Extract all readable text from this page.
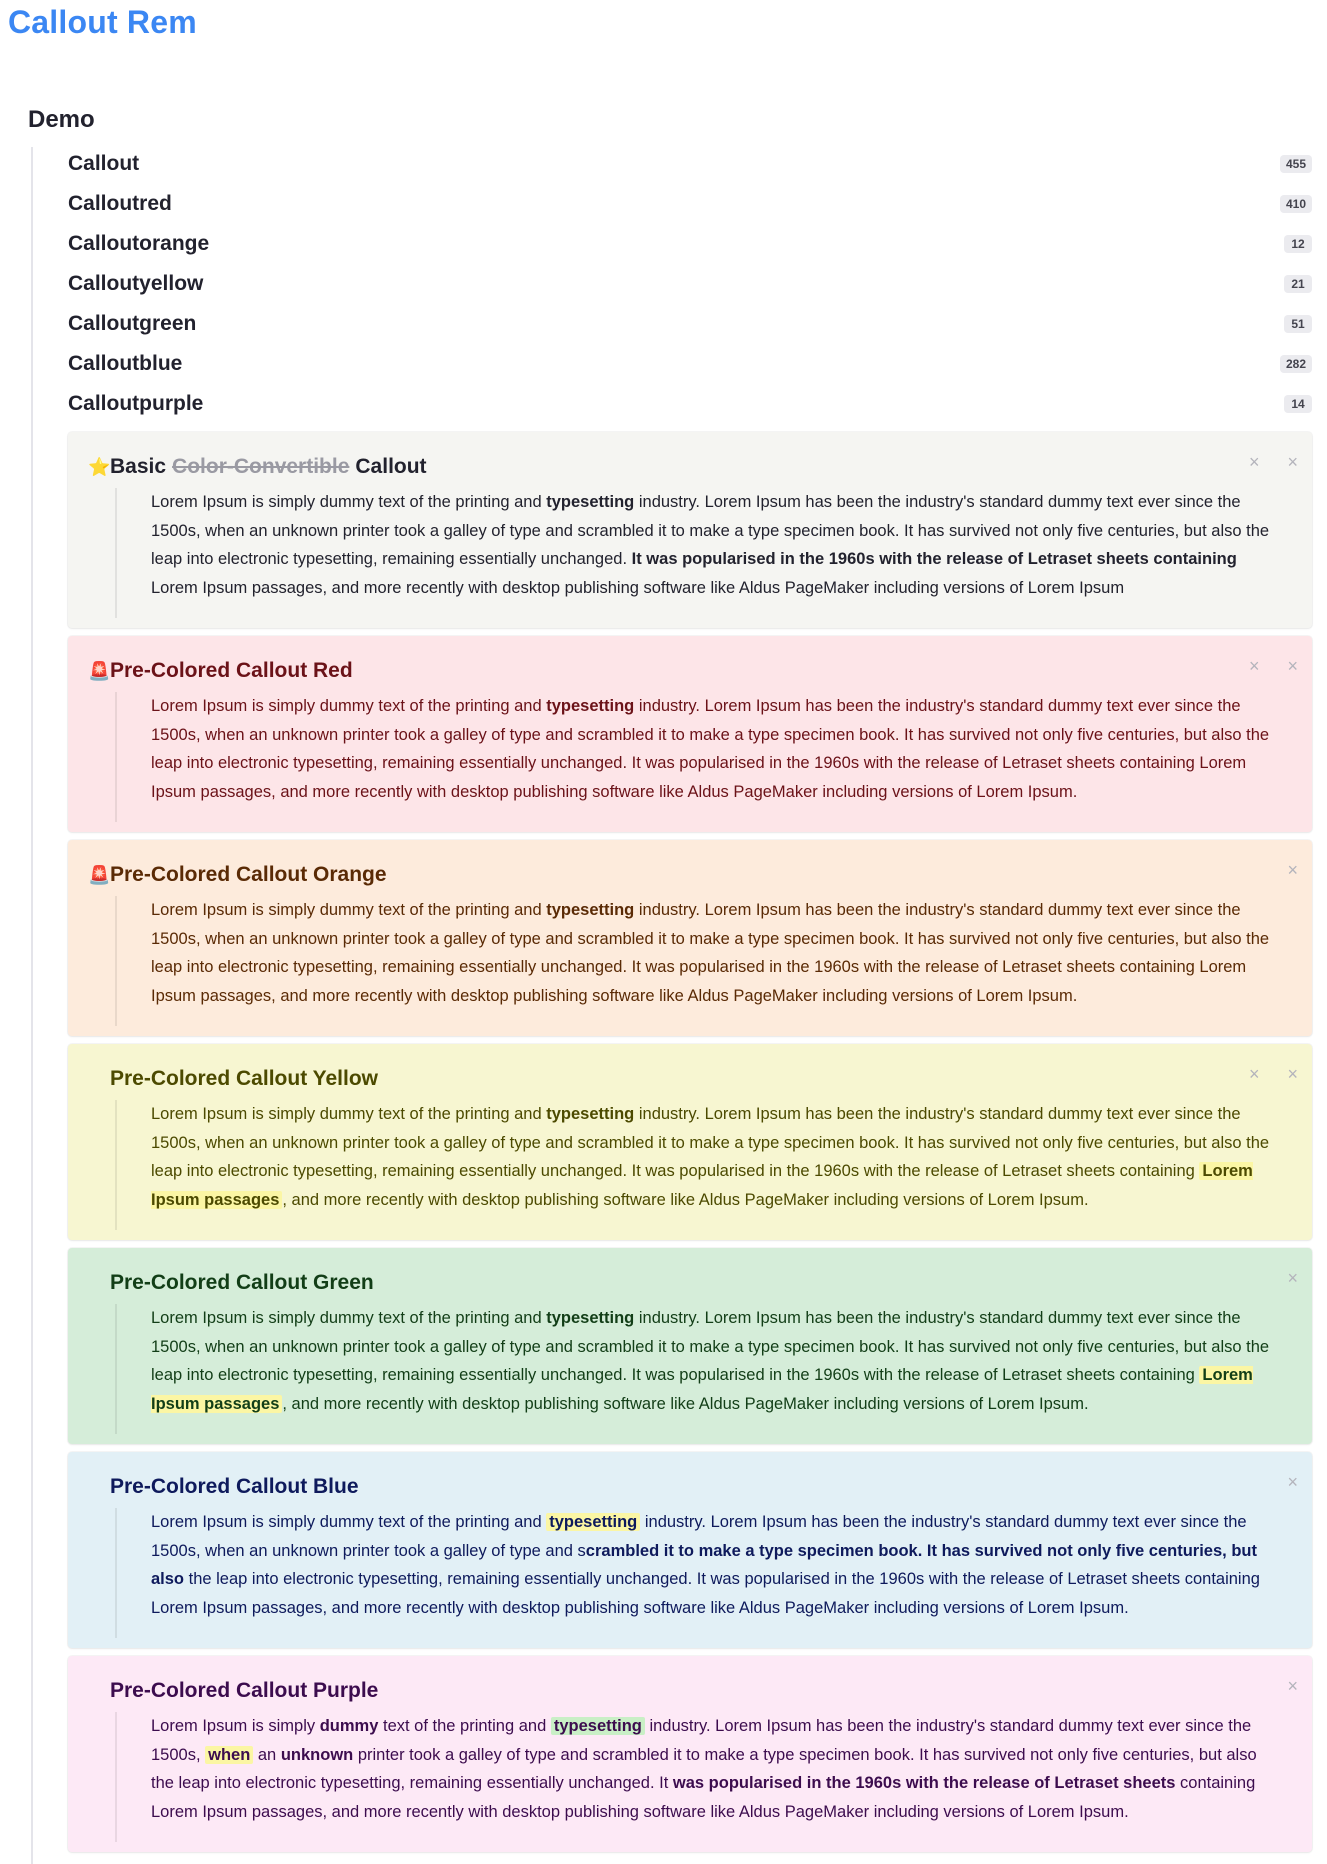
Callout Rem
Demo
Callout	455
Calloutred	410
Calloutorange	12
Calloutyellow	21
Calloutgreen	51
Calloutblue	282
Calloutpurple	14
⭐ Basic Color-Convertible Callout	× ×
Lorem Ipsum is simply dummy text of the printing and typesetting industry. Lorem Ipsum has been the industry's standard dummy text ever since the 1500s, when an unknown printer took a galley of type and scrambled it to make a type specimen book. It has survived not only five centuries, but also the leap into electronic typesetting, remaining essentially unchanged. It was popularised in the 1960s with the release of Letraset sheets containing Lorem Ipsum passages, and more recently with desktop publishing software like Aldus PageMaker including versions of Lorem Ipsum
🚨 Pre-Colored Callout Red	× ×
Lorem Ipsum is simply dummy text of the printing and typesetting industry. Lorem Ipsum has been the industry's standard dummy text ever since the 1500s, when an unknown printer took a galley of type and scrambled it to make a type specimen book. It has survived not only five centuries, but also the leap into electronic typesetting, remaining essentially unchanged. It was popularised in the 1960s with the release of Letraset sheets containing Lorem Ipsum passages, and more recently with desktop publishing software like Aldus PageMaker including versions of Lorem Ipsum.
🚨 Pre-Colored Callout Orange	×
Lorem Ipsum is simply dummy text of the printing and typesetting industry. Lorem Ipsum has been the industry's standard dummy text ever since the 1500s, when an unknown printer took a galley of type and scrambled it to make a type specimen book. It has survived not only five centuries, but also the leap into electronic typesetting, remaining essentially unchanged. It was popularised in the 1960s with the release of Letraset sheets containing Lorem Ipsum passages, and more recently with desktop publishing software like Aldus PageMaker including versions of Lorem Ipsum.
Pre-Colored Callout Yellow	× ×
Lorem Ipsum is simply dummy text of the printing and typesetting industry. Lorem Ipsum has been the industry's standard dummy text ever since the 1500s, when an unknown printer took a galley of type and scrambled it to make a type specimen book. It has survived not only five centuries, but also the leap into electronic typesetting, remaining essentially unchanged. It was popularised in the 1960s with the release of Letraset sheets containing Lorem Ipsum passages , and more recently with desktop publishing software like Aldus PageMaker including versions of Lorem Ipsum.
Pre-Colored Callout Green	×
Lorem Ipsum is simply dummy text of the printing and typesetting industry. Lorem Ipsum has been the industry's standard dummy text ever since the 1500s, when an unknown printer took a galley of type and scrambled it to make a type specimen book. It has survived not only five centuries, but also the leap into electronic typesetting, remaining essentially unchanged. It was popularised in the 1960s with the release of Letraset sheets containing Lorem Ipsum passages , and more recently with desktop publishing software like Aldus PageMaker including versions of Lorem Ipsum.
Pre-Colored Callout Blue	×
Lorem Ipsum is simply dummy text of the printing and typesetting industry. Lorem Ipsum has been the industry's standard dummy text ever since the 1500s, when an unknown printer took a galley of type and scrambled it to make a type specimen book. It has survived not only five centuries, but also the leap into electronic typesetting, remaining essentially unchanged. It was popularised in the 1960s with the release of Letraset sheets containing Lorem Ipsum passages, and more recently with desktop publishing software like Aldus PageMaker including versions of Lorem Ipsum.
Pre-Colored Callout Purple	×
Lorem Ipsum is simply dummy text of the printing and typesetting industry. Lorem Ipsum has been the industry's standard dummy text ever since the 1500s, when an unknown printer took a galley of type and scrambled it to make a type specimen book. It has survived not only five centuries, but also the leap into electronic typesetting, remaining essentially unchanged. It was popularised in the 1960s with the release of Letraset sheets containing Lorem Ipsum passages, and more recently with desktop publishing software like Aldus PageMaker including versions of Lorem Ipsum.
